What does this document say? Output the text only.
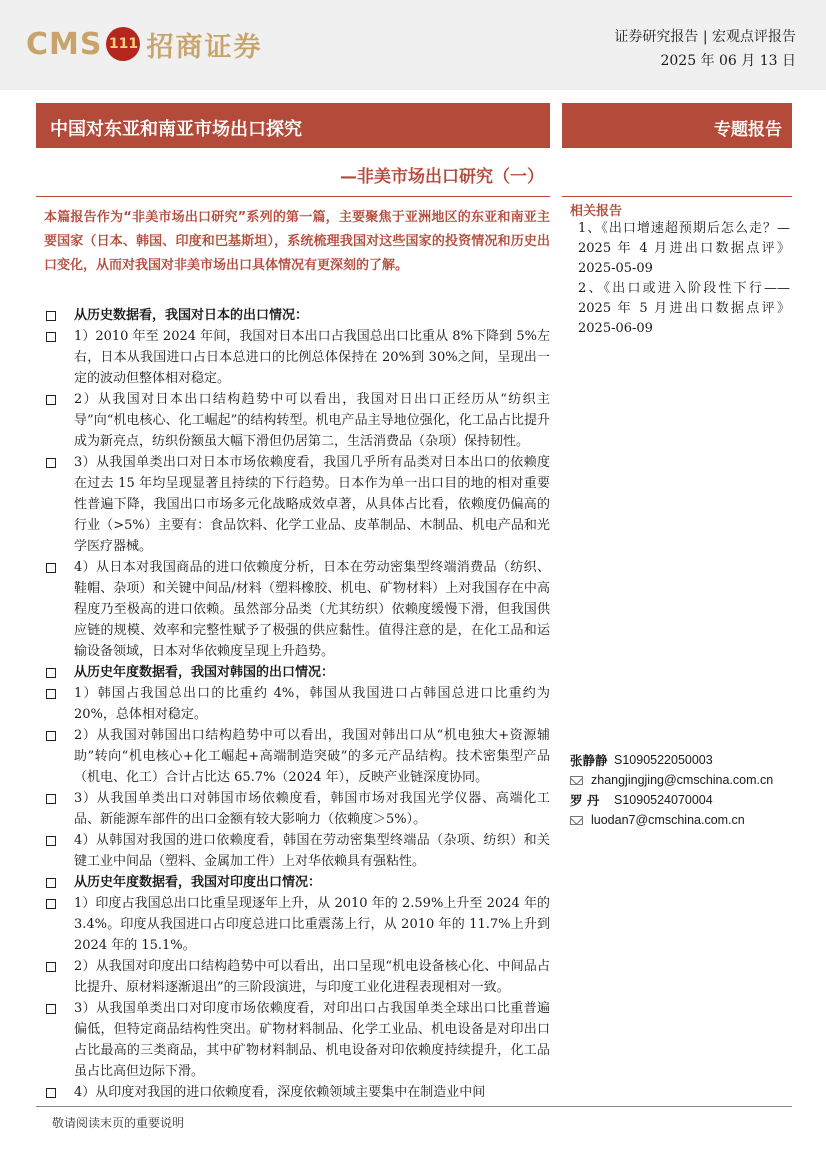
CMS 111 招商证券	证券研究报告 | 宏观点评报告
2025 年 06 月 13 日
中国对东亚和南亚市场出口探究	专题报告
—非美市场出口研究（一）
本篇报告作为“非美市场出口研究”系列的第一篇，主要聚焦于亚洲地区的东亚和南亚主要国家（日本、韩国、印度和巴基斯坦），系统梳理我国对这些国家的投资情况和历史出口变化，从而对我国对非美市场出口具体情况有更深刻的了解。
从历史数据看，我国对日本的出口情况：
1）2010 年至 2024 年间，我国对日本出口占我国总出口比重从 8%下降到 5%左右，日本从我国进口占日本总进口的比例总体保持在 20%到 30%之间，呈现出一定的波动但整体相对稳定。
2）从我国对日本出口结构趋势中可以看出，我国对日出口正经历从“纺织主导”向“机电核心、化工崛起”的结构转型。机电产品主导地位强化，化工品占比提升成为新亮点，纺织份额虽大幅下滑但仍居第二，生活消费品（杂项）保持韧性。
3）从我国单类出口对日本市场依赖度看，我国几乎所有品类对日本出口的依赖度在过去 15 年均呈现显著且持续的下行趋势。日本作为单一出口目的地的相对重要性普遍下降，我国出口市场多元化战略成效卓著，从具体占比看，依赖度仍偏高的行业（>5%）主要有：食品饮料、化学工业品、皮革制品、木制品、机电产品和光学医疗器械。
4）从日本对我国商品的进口依赖度分析，日本在劳动密集型终端消费品（纺织、鞋帽、杂项）和关键中间品/材料（塑料橡胶、机电、矿物材料）上对我国存在中高程度乃至极高的进口依赖。虽然部分品类（尤其纺织）依赖度缓慢下滑，但我国供应链的规模、效率和完整性赋予了极强的供应黏性。值得注意的是，在化工品和运输设备领域，日本对华依赖度呈现上升趋势。
从历史年度数据看，我国对韩国的出口情况：
1）韩国占我国总出口的比重约 4%，韩国从我国进口占韩国总进口比重约为 20%，总体相对稳定。
2）从我国对韩国出口结构趋势中可以看出，我国对韩出口从“机电独大+资源辅助”转向“机电核心+化工崛起+高端制造突破”的多元产品结构。技术密集型产品（机电、化工）合计占比达 65.7%（2024 年），反映产业链深度协同。
3）从我国单类出口对韩国市场依赖度看，韩国市场对我国光学仪器、高端化工品、新能源车部件的出口金额有较大影响力（依赖度＞5%）。
4）从韩国对我国的进口依赖度看，韩国在劳动密集型终端品（杂项、纺织）和关键工业中间品（塑料、金属加工件）上对华依赖具有强粘性。
从历史年度数据看，我国对印度出口情况：
1）印度占我国总出口比重呈现逐年上升，从 2010 年的 2.59%上升至 2024 年的 3.4%。印度从我国进口占印度总进口比重震荡上行，从 2010 年的 11.7%上升到 2024 年的 15.1%。
2）从我国对印度出口结构趋势中可以看出，出口呈现“机电设备核心化、中间品占比提升、原材料逐渐退出”的三阶段演进，与印度工业化进程表现相对一致。
3）从我国单类出口对印度市场依赖度看，对印出口占我国单类全球出口比重普遍偏低，但特定商品结构性突出。矿物材料制品、化学工业品、机电设备是对印出口占比最高的三类商品，其中矿物材料制品、机电设备对印依赖度持续提升，化工品虽占比高但边际下滑。
4）从印度对我国的进口依赖度看，深度依赖领域主要集中在制造业中间
相关报告
1、《出口增速超预期后怎么走？—2025 年 4 月进出口数据点评》2025-05-09
2、《出口或进入阶段性下行——2025 年 5 月进出口数据点评》2025-06-09
张静静 S1090522050003
zhangjingjing@cmschina.com.cn
罗 丹	S1090524070004
luodan7@cmschina.com.cn
敬请阅读末页的重要说明
